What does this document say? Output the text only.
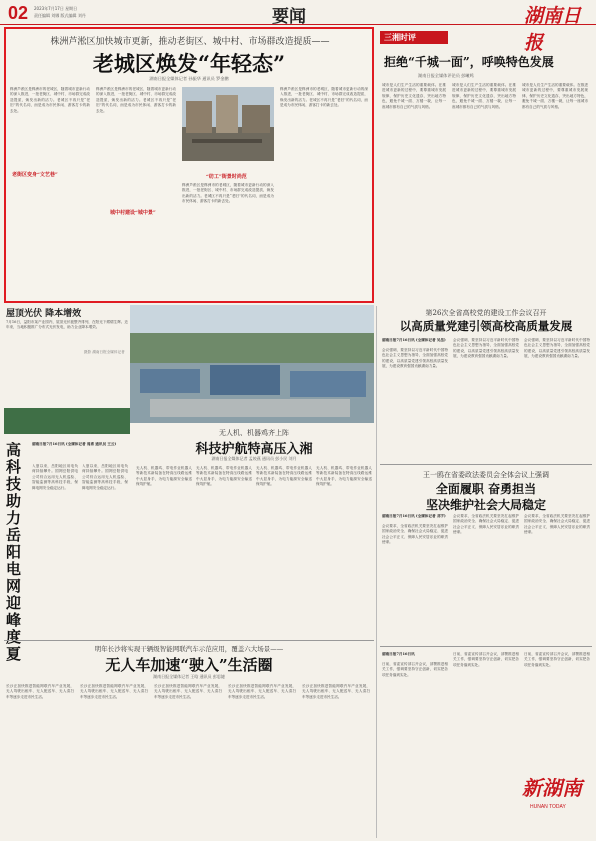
02 2023年7月17日 星期日
责任编辑 刘娜 版式编辑 刘丹	要闻	湖南日报
株洲芦淞区加快城市更新，推动老街区、城中村、市场群改造提质——
老城区焕发“年轻态”
湖南日报全媒体记者 孙振华 通讯员 罗金鹏
株洲芦淞区是株洲市的老城区，随着城市更新行动的深入推进，一批老街区、城中村、市场群完成改造提质，焕发出新的活力。老城区不再只是“老旧”的代名词，而是成为市民休闲、游客打卡的新去处。
老街区变身“文艺巷”
株洲芦淞区是株洲市的老城区，随着城市更新行动的深入推进，一批老街区、城中村、市场群完成改造提质，焕发出新的活力。老城区不再只是“老旧”的代名词，而是成为市民休闲、游客打卡的新去处。
城中村建设“城中景”
“纺工”街景时尚范
株洲芦淞区是株洲市的老城区，随着城市更新行动的深入推进，一批老街区、城中村、市场群完成改造提质，焕发出新的活力。老城区不再只是“老旧”的代名词，而是成为市民休闲、游客打卡的新去处。
株洲芦淞区是株洲市的老城区，随着城市更新行动的深入推进，一批老街区、城中村、市场群完成改造提质，焕发出新的活力。老城区不再只是“老旧”的代名词，而是成为市民休闲、游客打卡的新去处。
三湘时评
拒绝“千城一面”，呼唤特色发展
湖南日报全媒体评论员 彭曦鸣
城市是人们生产生活的重要载体。在推进城市更新的过程中，要尊重城市发展规律，保护历史文化遗存，突出地方特色，避免千城一面、万楼一貌，让每一座城市都有自己的气质与风格。
城市是人们生产生活的重要载体。在推进城市更新的过程中，要尊重城市发展规律，保护历史文化遗存，突出地方特色，避免千城一面、万楼一貌，让每一座城市都有自己的气质与风格。
城市是人们生产生活的重要载体。在推进城市更新的过程中，要尊重城市发展规律，保护历史文化遗存，突出地方特色，避免千城一面、万楼一貌，让每一座城市都有自己的气质与风格。
屋顶光伏 降本增效
7月16日，益阳市某产业园内，屋顶光伏板整齐排列，在阳光下熠熠生辉。近年来，当地积极推广分布式光伏发电，助力企业降本增效。
摄影 湖南日报全媒体记者
高科技助力岳阳电网迎峰度夏
湖南日报7月16日讯 (全媒体记者 周勇 通讯员 王云)
入夏以来，岳阳地区用电负荷持续攀升。国网岳阳供电公司综合运用无人机巡检、智能监测等高科技手段，保障电网安全稳定运行。
入夏以来，岳阳地区用电负荷持续攀升。国网岳阳供电公司综合运用无人机巡检、智能监测等高科技手段，保障电网安全稳定运行。
无人机、机器鸡齐上阵
科技护航特高压入湘
湖南日报全媒体记者 孟姣燕 通讯员 彭小民 刘月
无人机、机器鸡、带电作业机器人等新技术新装备在特高压线路运维中大显身手，为电力能源安全输送保驾护航。
无人机、机器鸡、带电作业机器人等新技术新装备在特高压线路运维中大显身手，为电力能源安全输送保驾护航。
无人机、机器鸡、带电作业机器人等新技术新装备在特高压线路运维中大显身手，为电力能源安全输送保驾护航。
无人机、机器鸡、带电作业机器人等新技术新装备在特高压线路运维中大显身手，为电力能源安全输送保驾护航。
明年长沙将实现干辆级智能网联汽车示范应用，覆盖六大场景——
无人车加速“驶入”生活圈
湖南日报全媒体记者 王晗 通讯员 彭思婕
长沙正加快推进智能网联汽车产业发展，无人驾驶出租车、无人配送车、无人清扫车等逐步走进市民生活。
长沙正加快推进智能网联汽车产业发展，无人驾驶出租车、无人配送车、无人清扫车等逐步走进市民生活。
长沙正加快推进智能网联汽车产业发展，无人驾驶出租车、无人配送车、无人清扫车等逐步走进市民生活。
长沙正加快推进智能网联汽车产业发展，无人驾驶出租车、无人配送车、无人清扫车等逐步走进市民生活。
长沙正加快推进智能网联汽车产业发展，无人驾驶出租车、无人配送车、无人清扫车等逐步走进市民生活。
第26次全省高校党的建设工作会议召开
以高质量党建引领高校高质量发展
湖南日报7月16日讯 (全媒体记者 吴岳)
会议强调，要坚持以习近平新时代中国特色社会主义思想为指导，全面加强高校党的建设，以高质量党建引领高校高质量发展，为建设教育强国贡献湖南力量。
会议强调，要坚持以习近平新时代中国特色社会主义思想为指导，全面加强高校党的建设，以高质量党建引领高校高质量发展，为建设教育强国贡献湖南力量。
会议强调，要坚持以习近平新时代中国特色社会主义思想为指导，全面加强高校党的建设，以高质量党建引领高校高质量发展，为建设教育强国贡献湖南力量。
王一鸥在省委政法委员会全体会议上强调
全面履职 奋勇担当
坚决维护社会大局稳定
湖南日报7月16日讯 (全媒体记者 邓宇)
会议要求，全省政法机关要坚决扛起维护国家政治安全、确保社会大局稳定、促进社会公平正义、保障人民安居乐业的职责使命。
会议要求，全省政法机关要坚决扛起维护国家政治安全、确保社会大局稳定、促进社会公平正义、保障人民安居乐业的职责使命。
会议要求，全省政法机关要坚决扛起维护国家政治安全、确保社会大局稳定、促进社会公平正义、保障人民安居乐业的职责使命。
湖南日报7月16日讯
日前，省委宣传部召开会议，部署推进相关工作，强调要坚持守正创新，切实把各项任务落到实处。
日前，省委宣传部召开会议，部署推进相关工作，强调要坚持守正创新，切实把各项任务落到实处。
日前，省委宣传部召开会议，部署推进相关工作，强调要坚持守正创新，切实把各项任务落到实处。
新湖南
HUNAN TODAY
